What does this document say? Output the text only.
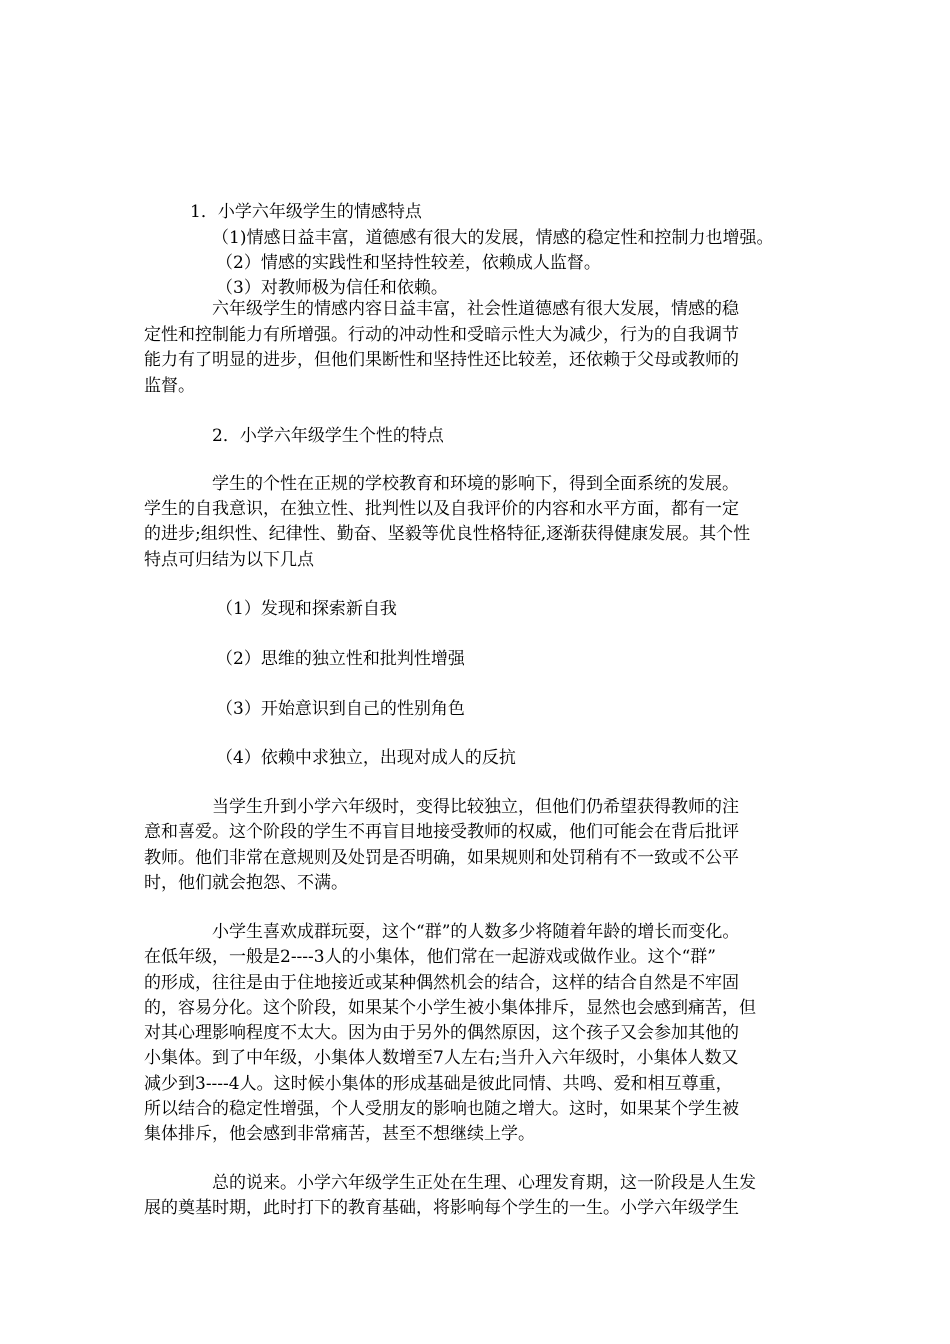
1．小学六年级学生的情感特点
（1)情感日益丰富，道德感有很大的发展，情感的稳定性和控制力也增强。
（2）情感的实践性和坚持性较差，依赖成人监督。
（3）对教师极为信任和依赖。
六年级学生的情感内容日益丰富，社会性道德感有很大发展，情感的稳
定性和控制能力有所增强。行动的冲动性和受暗示性大为减少，行为的自我调节
能力有了明显的进步，但他们果断性和坚持性还比较差，还依赖于父母或教师的
监督。
2．小学六年级学生个性的特点
学生的个性在正规的学校教育和环境的影响下，得到全面系统的发展。
学生的自我意识，在独立性、批判性以及自我评价的内容和水平方面，都有一定
的进步;组织性、纪律性、勤奋、坚毅等优良性格特征,逐渐获得健康发展。其个性
特点可归结为以下几点
（1）发现和探索新自我
（2）思维的独立性和批判性增强
（3）开始意识到自己的性别角色
（4）依赖中求独立，出现对成人的反抗
当学生升到小学六年级时，变得比较独立，但他们仍希望获得教师的注
意和喜爱。这个阶段的学生不再盲目地接受教师的权威，他们可能会在背后批评
教师。他们非常在意规则及处罚是否明确，如果规则和处罚稍有不一致或不公平
时，他们就会抱怨、不满。
小学生喜欢成群玩耍，这个“群”的人数多少将随着年龄的增长而变化。
在低年级，一般是2----3人的小集体，他们常在一起游戏或做作业。这个“群”
的形成，往往是由于住地接近或某种偶然机会的结合，这样的结合自然是不牢固
的，容易分化。这个阶段，如果某个小学生被小集体排斥，显然也会感到痛苦，但
对其心理影响程度不太大。因为由于另外的偶然原因，这个孩子又会参加其他的
小集体。到了中年级，小集体人数增至7人左右;当升入六年级时，小集体人数又
减少到3----4人。这时候小集体的形成基础是彼此同情、共鸣、爱和相互尊重，
所以结合的稳定性增强，个人受朋友的影响也随之增大。这时，如果某个学生被
集体排斥，他会感到非常痛苦，甚至不想继续上学。
总的说来。小学六年级学生正处在生理、心理发育期，这一阶段是人生发
展的奠基时期，此时打下的教育基础，将影响每个学生的一生。小学六年级学生
